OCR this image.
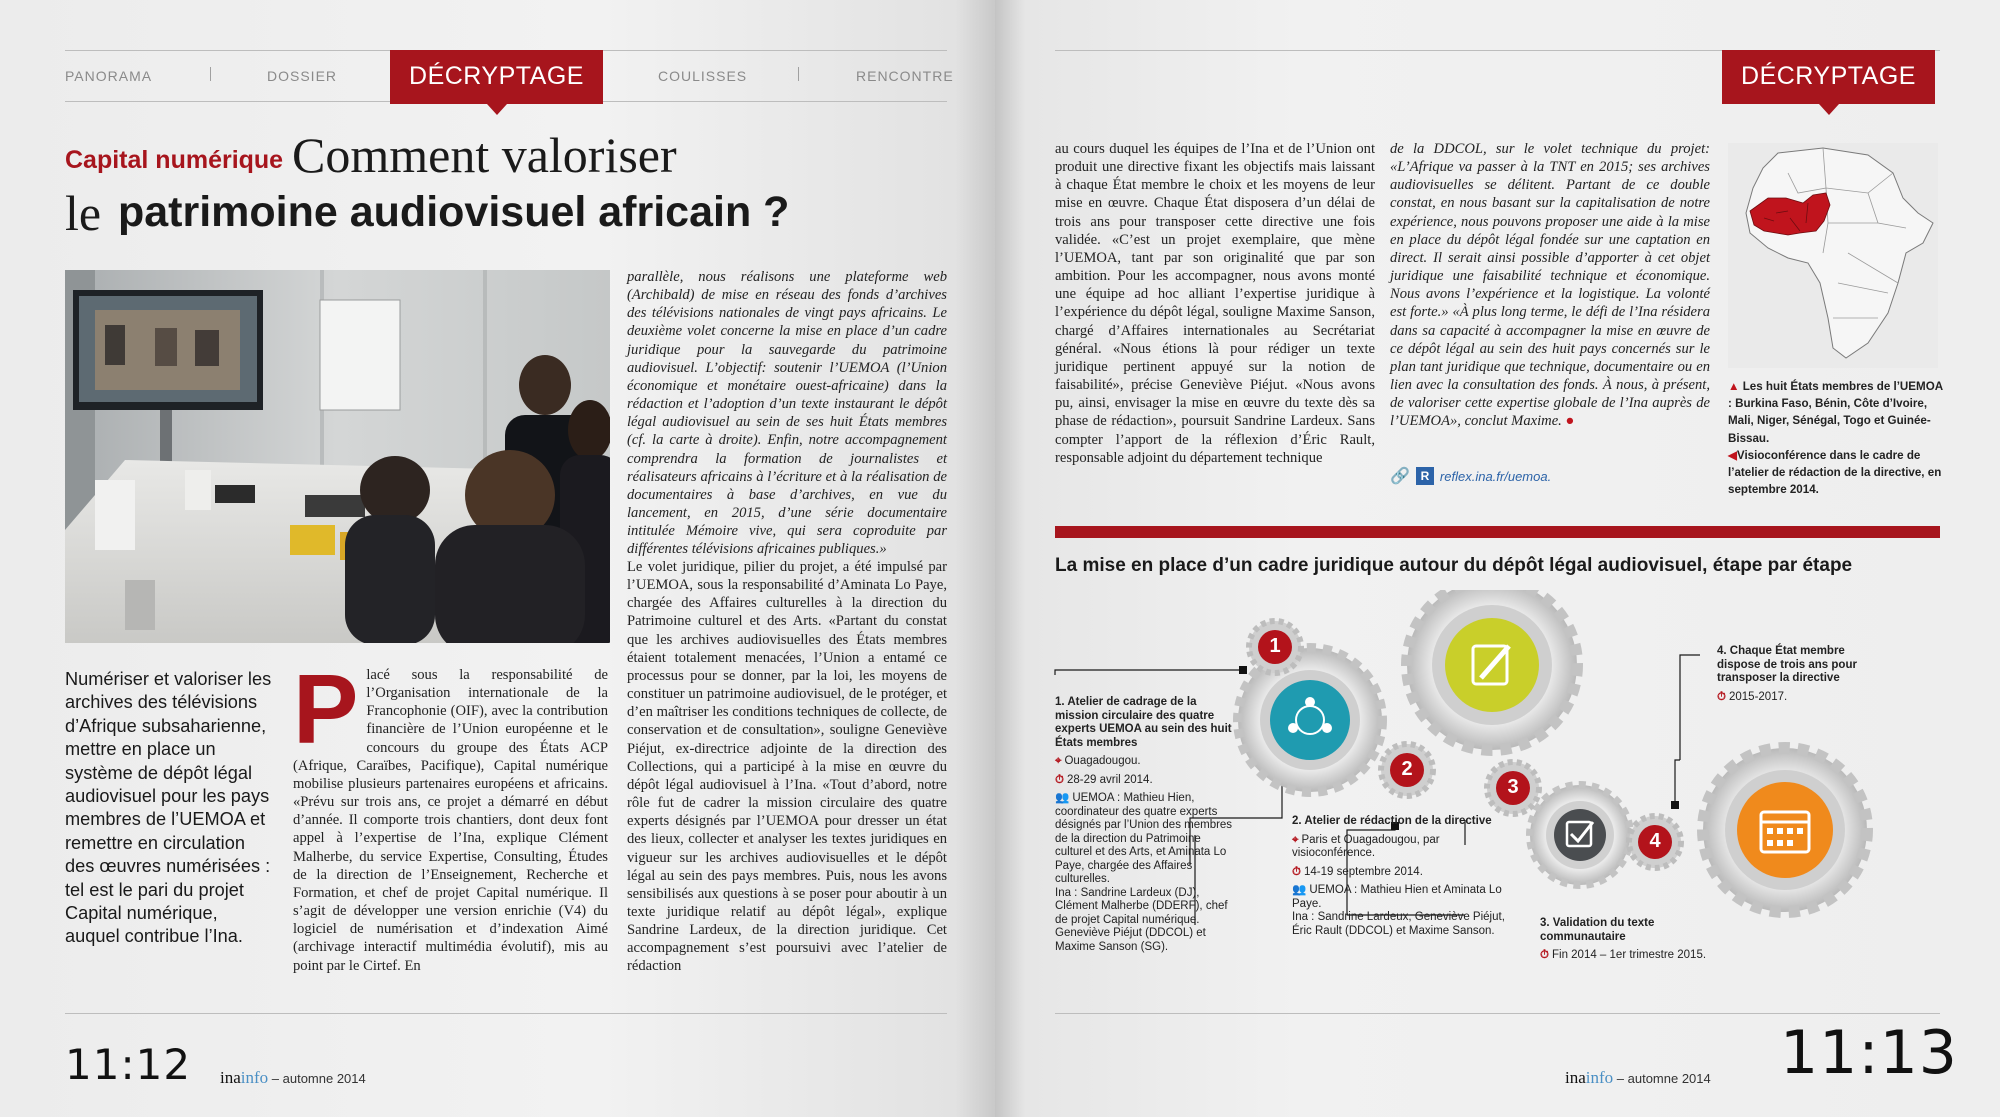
PANORAMA	DOSSIER	DÉCRYPTAGE	COULISSES	RENCONTRE
Capital numérique Comment valoriser
le patrimoine audiovisuel africain ?
Numériser et valoriser les archives des télévisions d’Afrique subsaharienne, mettre en place un système de dépôt légal audiovisuel pour les pays membres de l’UEMOA et remettre en circulation des œuvres numérisées : tel est le pari du projet Capital numérique, auquel contribue l’Ina.
Placé sous la responsabilité de l’Organisation internationale de la Francophonie (OIF), avec la contribution financière de l’Union européenne et le concours du groupe des États ACP (Afrique, Caraïbes, Pacifique), Capital numérique mobilise plusieurs partenaires européens et africains. «Prévu sur trois ans, ce projet a démarré en début d’année. Il comporte trois chantiers, dont deux font appel à l’expertise de l’Ina, explique Clément Malherbe, du service Expertise, Consulting, Études de la direction de l’Enseignement, Recherche et Formation, et chef de projet Capital numérique. Il s’agit de développer une version enrichie (V4) du logiciel de numérisation et d’indexation Aimé (archivage interactif multimédia évolutif), mis au point par le Cirtef. En
parallèle, nous réalisons une plateforme web (Archibald) de mise en réseau des fonds d’archives des télévisions nationales de vingt pays africains. Le deuxième volet concerne la mise en place d’un cadre juridique pour la sauvegarde du patrimoine audiovisuel. L’objectif: soutenir l’UEMOA (l’Union économique et monétaire ouest-africaine) dans la rédaction et l’adoption d’un texte instaurant le dépôt légal audiovisuel au sein de ses huit États membres (cf. la carte à droite). Enfin, notre accompagnement comprendra la formation de journalistes et réalisateurs africains à l’écriture et à la réalisation de documentaires à base d’archives, en vue du lancement, en 2015, d’une série documentaire intitulée Mémoire vive, qui sera coproduite par différentes télévisions africaines publiques.»
Le volet juridique, pilier du projet, a été impulsé par l’UEMOA, sous la responsabilité d’Aminata Lo Paye, chargée des Affaires culturelles à la direction du Patrimoine culturel et des Arts. «Partant du constat que les archives audiovisuelles des États membres étaient totalement menacées, l’Union a entamé ce processus pour se donner, par la loi, les moyens de constituer un patrimoine audiovisuel, de le protéger, et d’en maîtriser les conditions techniques de collecte, de conservation et de consultation», souligne Geneviève Piéjut, ex-directrice adjointe de la direction des Collections, qui a participé à la mise en œuvre du dépôt légal audiovisuel à l’Ina. «Tout d’abord, notre rôle fut de cadrer la mission circulaire des quatre experts désignés par l’UEMOA pour dresser un état des lieux, collecter et analyser les textes juridiques en vigueur sur les archives audiovisuelles et le dépôt légal au sein des pays membres. Puis, nous les avons sensibilisés aux questions à se poser pour aboutir à un texte juridique relatif au dépôt légal», explique Sandrine Lardeux, de la direction juridique. Cet accompagnement s’est poursuivi avec l’atelier de rédaction
11:12 inainfo – automne 2014
DÉCRYPTAGE
au cours duquel les équipes de l’Ina et de l’Union ont produit une directive fixant les objectifs mais laissant à chaque État membre le choix et les moyens de leur mise en œuvre. Chaque État disposera d’un délai de trois ans pour transposer cette directive une fois validée. «C’est un projet exemplaire, que mène l’UEMOA, tant par son originalité que par son ambition. Pour les accompagner, nous avons monté une équipe ad hoc alliant l’expertise juridique à l’expérience du dépôt légal, souligne Maxime Sanson, chargé d’Affaires internationales au Secrétariat général. «Nous étions là pour rédiger un texte juridique pertinent appuyé sur la notion de faisabilité», précise Geneviève Piéjut. «Nous avons pu, ainsi, envisager la mise en œuvre du texte dès sa phase de rédaction», poursuit Sandrine Lardeux. Sans compter l’apport de la réflexion d’Éric Rault, responsable adjoint du département technique
de la DDCOL, sur le volet technique du projet: «L’Afrique va passer à la TNT en 2015; ses archives audiovisuelles se délitent. Partant de ce double constat, en nous basant sur la capitalisation de notre expérience, nous pouvons proposer une aide à la mise en place du dépôt légal fondée sur une captation en direct. Il serait ainsi possible d’apporter à cet objet juridique une faisabilité technique et économique. Nous avons l’expérience et la logistique. La volonté est forte.» «À plus long terme, le défi de l’Ina résidera dans sa capacité à accompagner la mise en œuvre de ce dépôt légal au sein des huit pays concernés sur le plan tant juridique que technique, documentaire ou en lien avec la consultation des fonds. À nous, à présent, de valoriser cette expertise globale de l’Ina auprès de l’UEMOA», conclut Maxime. ●
🔗 R reflex.ina.fr/uemoa.
▲ Les huit États membres de l’UEMOA : Burkina Faso, Bénin, Côte d’Ivoire, Mali, Niger, Sénégal, Togo et Guinée-Bissau.
◀Visioconférence dans le cadre de l’atelier de rédaction de la directive, en septembre 2014.
La mise en place d’un cadre juridique autour du dépôt légal audiovisuel, étape par étape
1
2
3
4
1. Atelier de cadrage de la mission circulaire des quatre experts UEMOA au sein des huit États membres

⌖ Ouagadougou.

⏱ 28-29 avril 2014.

👥 UEMOA : Mathieu Hien, coordinateur des quatre experts désignés par l’Union des membres de la direction du Patrimoine culturel et des Arts, et Aminata Lo Paye, chargée des Affaires culturelles.
Ina : Sandrine Lardeux (DJ), Clément Malherbe (DDERF), chef de projet Capital numérique. Geneviève Piéjut (DDCOL) et Maxime Sanson (SG).

2. Atelier de rédaction de la directive

⌖ Paris et Ouagadougou, par visioconférence.

⏱ 14-19 septembre 2014.

👥 UEMOA : Mathieu Hien et Aminata Lo Paye.
Ina : Sandrine Lardeux, Geneviève Piéjut, Éric Rault (DDCOL) et Maxime Sanson.

3. Validation du texte communautaire

⏱ Fin 2014 – 1er trimestre 2015.

4. Chaque État membre dispose de trois ans pour transposer la directive

⏱ 2015-2017.

inainfo – automne 2014 11:13
